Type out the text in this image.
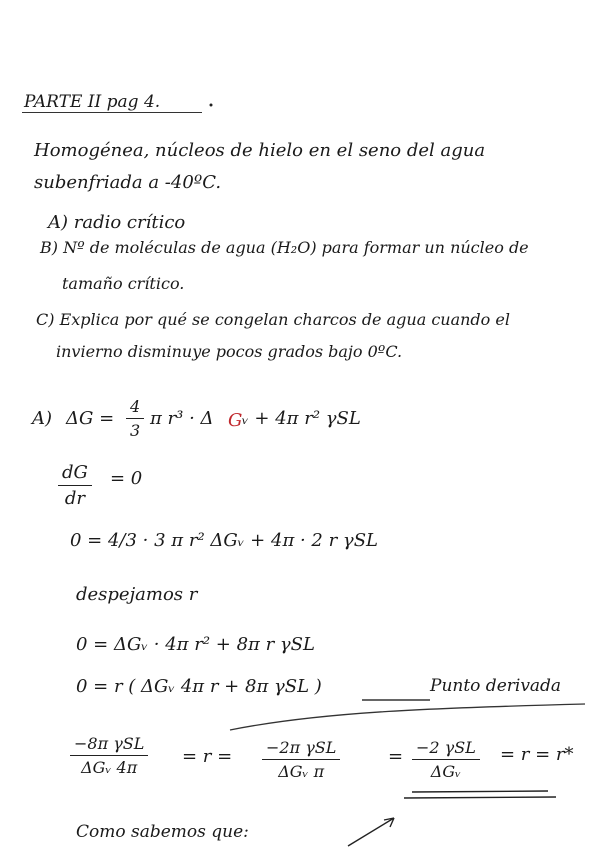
PARTE II pag 4.
Homogénea, núcleos de hielo en el seno del agua
subenfriada a -40ºC.
A) radio crítico
B) Nº de moléculas de agua (H₂O) para formar un núcleo de
tamaño crítico.
C) Explica por qué se congelan charcos de agua cuando el
invierno disminuye pocos grados bajo 0ºC.
A) ΔG =
4
3
π r³ · Δ G ᵥ + 4π r² γSL
dG
dr
= 0
0 = 4/3 · 3 π r² ΔGᵥ + 4π · 2 r γSL
despejamos r
0 = ΔGᵥ · 4π r² + 8π r γSL
0 = r ( ΔGᵥ 4π r + 8π γSL )	Punto derivada
−8π γSL
ΔGᵥ 4π
= r = −2π γSL
ΔGᵥ π
= −2 γSL
ΔGᵥ
= r = r*
Como sabemos que:
